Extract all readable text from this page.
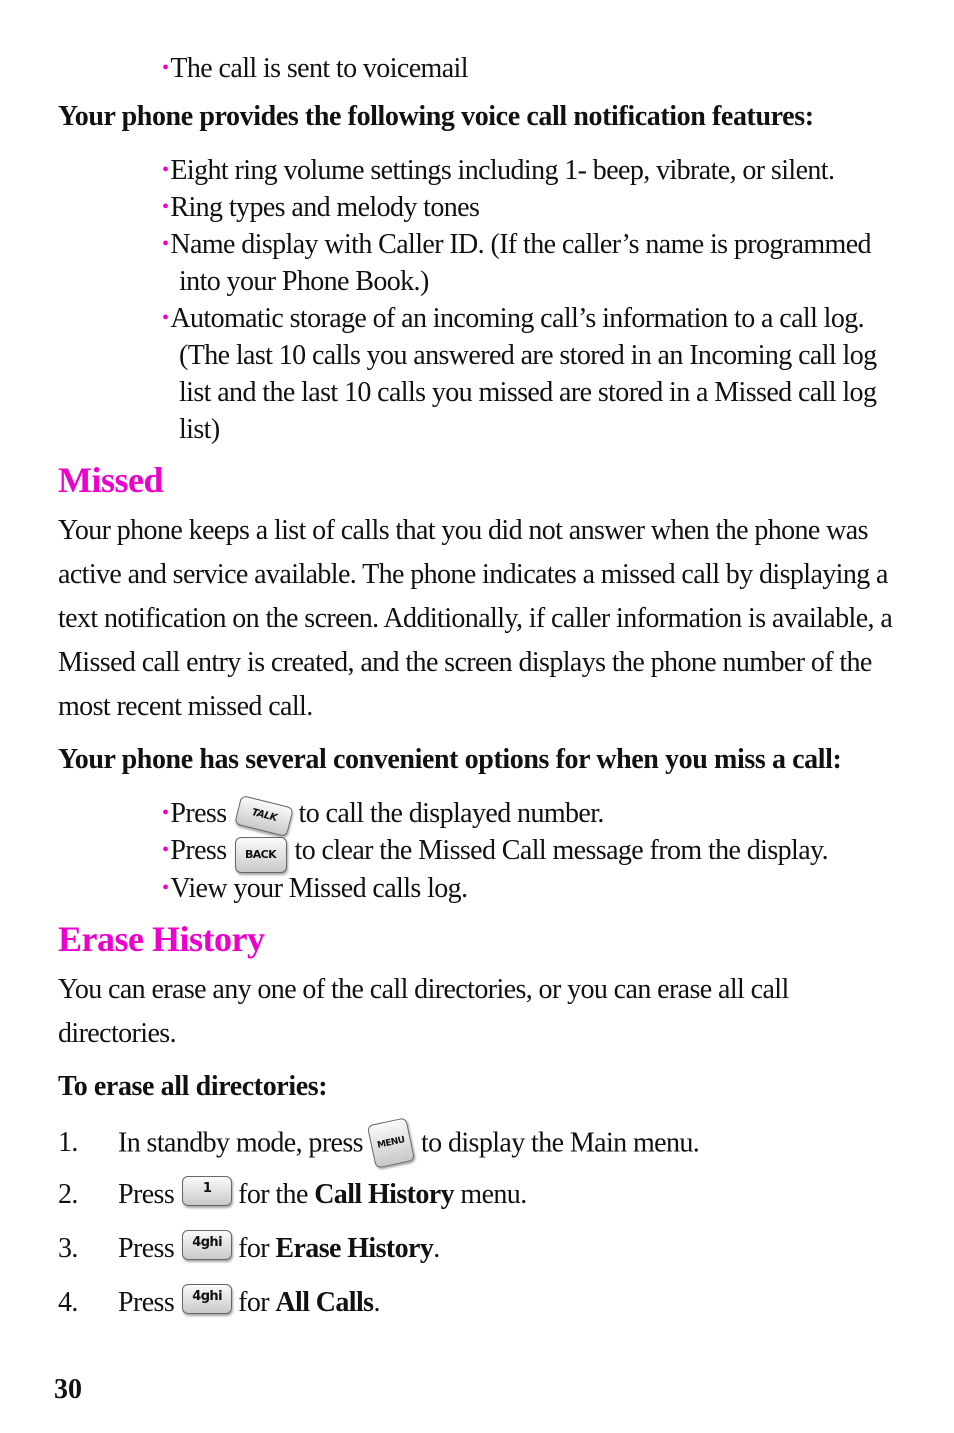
•The call is sent to voicemail
Your phone provides the following voice call notification features:
•Eight ring volume settings including 1- beep, vibrate, or silent.
•Ring types and melody tones
•Name display with Caller ID. (If the caller’s name is programmed
into your Phone Book.)
•Automatic storage of an incoming call’s information to a call log.
(The last 10 calls you answered are stored in an Incoming call log
list and the last 10 calls you missed are stored in a Missed call log
list)
Missed
Your phone keeps a list of calls that you did not answer when the phone was
active and service available. The phone indicates a missed call by displaying a
text notification on the screen. Additionally, if caller information is available, a
Missed call entry is created, and the screen displays the phone number of the
most recent missed call.
Your phone has several convenient options for when you miss a call:
•Press TALK to call the displayed number.
•Press BACK to clear the Missed Call message from the display.
•View your Missed calls log.
Erase History
You can erase any one of the call directories, or you can erase all call
directories.
To erase all directories:
1. In standby mode, press MENU to display the Main menu.
2. Press 1 for the Call History menu.
3. Press 4ghi for Erase History.
4. Press 4ghi for All Calls.
30
